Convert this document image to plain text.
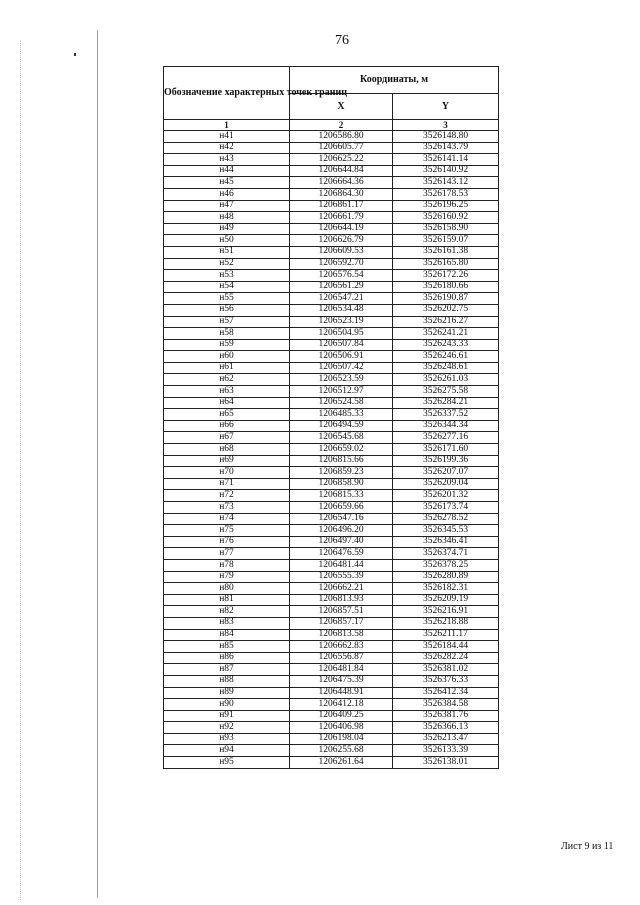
76
Обозначение характерных точек границ	Координаты, м	
	X	Y
1	2	3
н41	1206586.80	3526148.80
н42	1206605.77	3526143.79
н43	1206625.22	3526141.14
н44	1206644.84	3526140.92
н45	1206664.36	3526143.12
н46	1206864.30	3526178.53
н47	1206861.17	3526196.25
н48	1206661.79	3526160.92
н49	1206644.19	3526158.90
н50	1206626.79	3526159.07
н51	1206609.53	3526161.38
н52	1206592.70	3526165.80
н53	1206576.54	3526172.26
н54	1206561.29	3526180.66
н55	1206547.21	3526190.87
н56	1206534.48	3526202.75
н57	1206523.19	3526216.27
н58	1206504.95	3526241.21
н59	1206507.84	3526243.33
н60	1206506.91	3526246.61
н61	1206507.42	3526248.61
н62	1206523.59	3526261.03
н63	1206512.97	3526275.58
н64	1206524.58	3526284.21
н65	1206485.33	3526337.52
н66	1206494.59	3526344.34
н67	1206545.68	3526277.16
н68	1206659.02	3526171.60
н69	1206815.66	3526199.36
н70	1206859.23	3526207.07
н71	1206858.90	3526209.04
н72	1206815.33	3526201.32
н73	1206659.66	3526173.74
н74	1206547.16	3526278.52
н75	1206496.20	3526345.53
н76	1206497.40	3526346.41
н77	1206476.59	3526374.71
н78	1206481.44	3526378.25
н79	1206555.39	3526280.89
н80	1206662.21	3526182.31
н81	1206813.93	3526209.19
н82	1206857.51	3526216.91
н83	1206857.17	3526218.88
н84	1206813.58	3526211.17
н85	1206662.83	3526184.44
н86	1206556.87	3526282.24
н87	1206481.84	3526381.02
н88	1206475.39	3526376.33
н89	1206448.91	3526412.34
н90	1206412.18	3526384.58
н91	1206409.25	3526381.76
н92	1206406.98	3526366.13
н93	1206198.04	3526213.47
н94	1206255.68	3526133.39
н95	1206261.64	3526138.01
Лист 9 из 11
